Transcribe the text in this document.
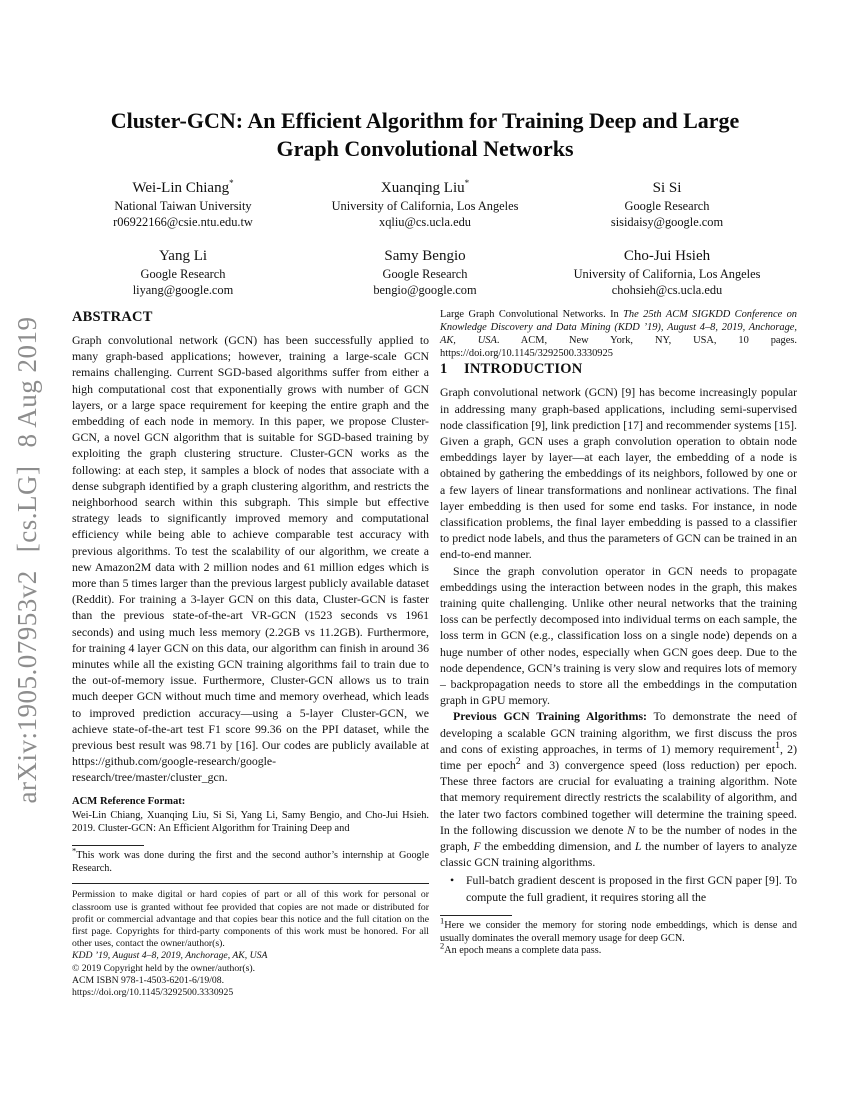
arXiv:1905.07953v2[cs.LG]8 Aug 2019
Cluster-GCN: An Efficient Algorithm for Training Deep and Large Graph Convolutional Networks
Wei-Lin Chiang*
National Taiwan University
r06922166@csie.ntu.edu.tw
Xuanqing Liu*
University of California, Los Angeles
xqliu@cs.ucla.edu
Si Si
Google Research
sisidaisy@google.com
Yang Li
Google Research
liyang@google.com
Samy Bengio
Google Research
bengio@google.com
Cho-Jui Hsieh
University of California, Los Angeles
chohsieh@cs.ucla.edu
ABSTRACT

Graph convolutional network (GCN) has been successfully applied to many graph-based applications; however, training a large-scale GCN remains challenging. Current SGD-based algorithms suffer from either a high computational cost that exponentially grows with number of GCN layers, or a large space requirement for keeping the entire graph and the embedding of each node in memory. In this paper, we propose Cluster-GCN, a novel GCN algorithm that is suitable for SGD-based training by exploiting the graph clustering structure. Cluster-GCN works as the following: at each step, it samples a block of nodes that associate with a dense subgraph identified by a graph clustering algorithm, and restricts the neighborhood search within this subgraph. This simple but effective strategy leads to significantly improved memory and computational efficiency while being able to achieve comparable test accuracy with previous algorithms. To test the scalability of our algorithm, we create a new Amazon2M data with 2 million nodes and 61 million edges which is more than 5 times larger than the previous largest publicly available dataset (Reddit). For training a 3-layer GCN on this data, Cluster-GCN is faster than the previous state-of-the-art VR-GCN (1523 seconds vs 1961 seconds) and using much less memory (2.2GB vs 11.2GB). Furthermore, for training 4 layer GCN on this data, our algorithm can finish in around 36 minutes while all the existing GCN training algorithms fail to train due to the out-of-memory issue. Furthermore, Cluster-GCN allows us to train much deeper GCN without much time and memory overhead, which leads to improved prediction accuracy—using a 5-layer Cluster-GCN, we achieve state-of-the-art test F1 score 99.36 on the PPI dataset, while the previous best result was 98.71 by [16]. Our codes are publicly available at https://github.com/google-research/google-research/tree/master/cluster_gcn.

ACM Reference Format:

Wei-Lin Chiang, Xuanqing Liu, Si Si, Yang Li, Samy Bengio, and Cho-Jui Hsieh. 2019. Cluster-GCN: An Efficient Algorithm for Training Deep and

*This work was done during the first and the second author’s internship at Google Research.

Permission to make digital or hard copies of part or all of this work for personal or classroom use is granted without fee provided that copies are not made or distributed for profit or commercial advantage and that copies bear this notice and the full citation on the first page. Copyrights for third-party components of this work must be honored. For all other uses, contact the owner/author(s).

KDD ’19, August 4–8, 2019, Anchorage, AK, USA

© 2019 Copyright held by the owner/author(s).

ACM ISBN 978-1-4503-6201-6/19/08.

https://doi.org/10.1145/3292500.3330925

Large Graph Convolutional Networks. In The 25th ACM SIGKDD Conference on Knowledge Discovery and Data Mining (KDD ’19), August 4–8, 2019, Anchorage, AK, USA. ACM, New York, NY, USA, 10 pages. https://doi.org/10.1145/3292500.3330925

1 INTRODUCTION

Graph convolutional network (GCN) [9] has become increasingly popular in addressing many graph-based applications, including semi-supervised node classification [9], link prediction [17] and recommender systems [15]. Given a graph, GCN uses a graph convolution operation to obtain node embeddings layer by layer—at each layer, the embedding of a node is obtained by gathering the embeddings of its neighbors, followed by one or a few layers of linear transformations and nonlinear activations. The final layer embedding is then used for some end tasks. For instance, in node classification problems, the final layer embedding is passed to a classifier to predict node labels, and thus the parameters of GCN can be trained in an end-to-end manner.

Since the graph convolution operator in GCN needs to propagate embeddings using the interaction between nodes in the graph, this makes training quite challenging. Unlike other neural networks that the training loss can be perfectly decomposed into individual terms on each sample, the loss term in GCN (e.g., classification loss on a single node) depends on a huge number of other nodes, especially when GCN goes deep. Due to the node dependence, GCN’s training is very slow and requires lots of memory – backpropagation needs to store all the embeddings in the computation graph in GPU memory.

Previous GCN Training Algorithms: To demonstrate the need of developing a scalable GCN training algorithm, we first discuss the pros and cons of existing approaches, in terms of 1) memory requirement$^1$, 2) time per epoch$^2$ and 3) convergence speed (loss reduction) per epoch. These three factors are crucial for evaluating a training algorithm. Note that memory requirement directly restricts the scalability of algorithm, and the later two factors combined together will determine the training speed. In the following discussion we denote N to be the number of nodes in the graph, F the embedding dimension, and L the number of layers to analyze classic GCN training algorithms.

• Full-batch gradient descent is proposed in the first GCN paper [9]. To compute the full gradient, it requires storing all the

$^1$Here we consider the memory for storing node embeddings, which is dense and usually dominates the overall memory usage for deep GCN.

$^2$An epoch means a complete data pass.
